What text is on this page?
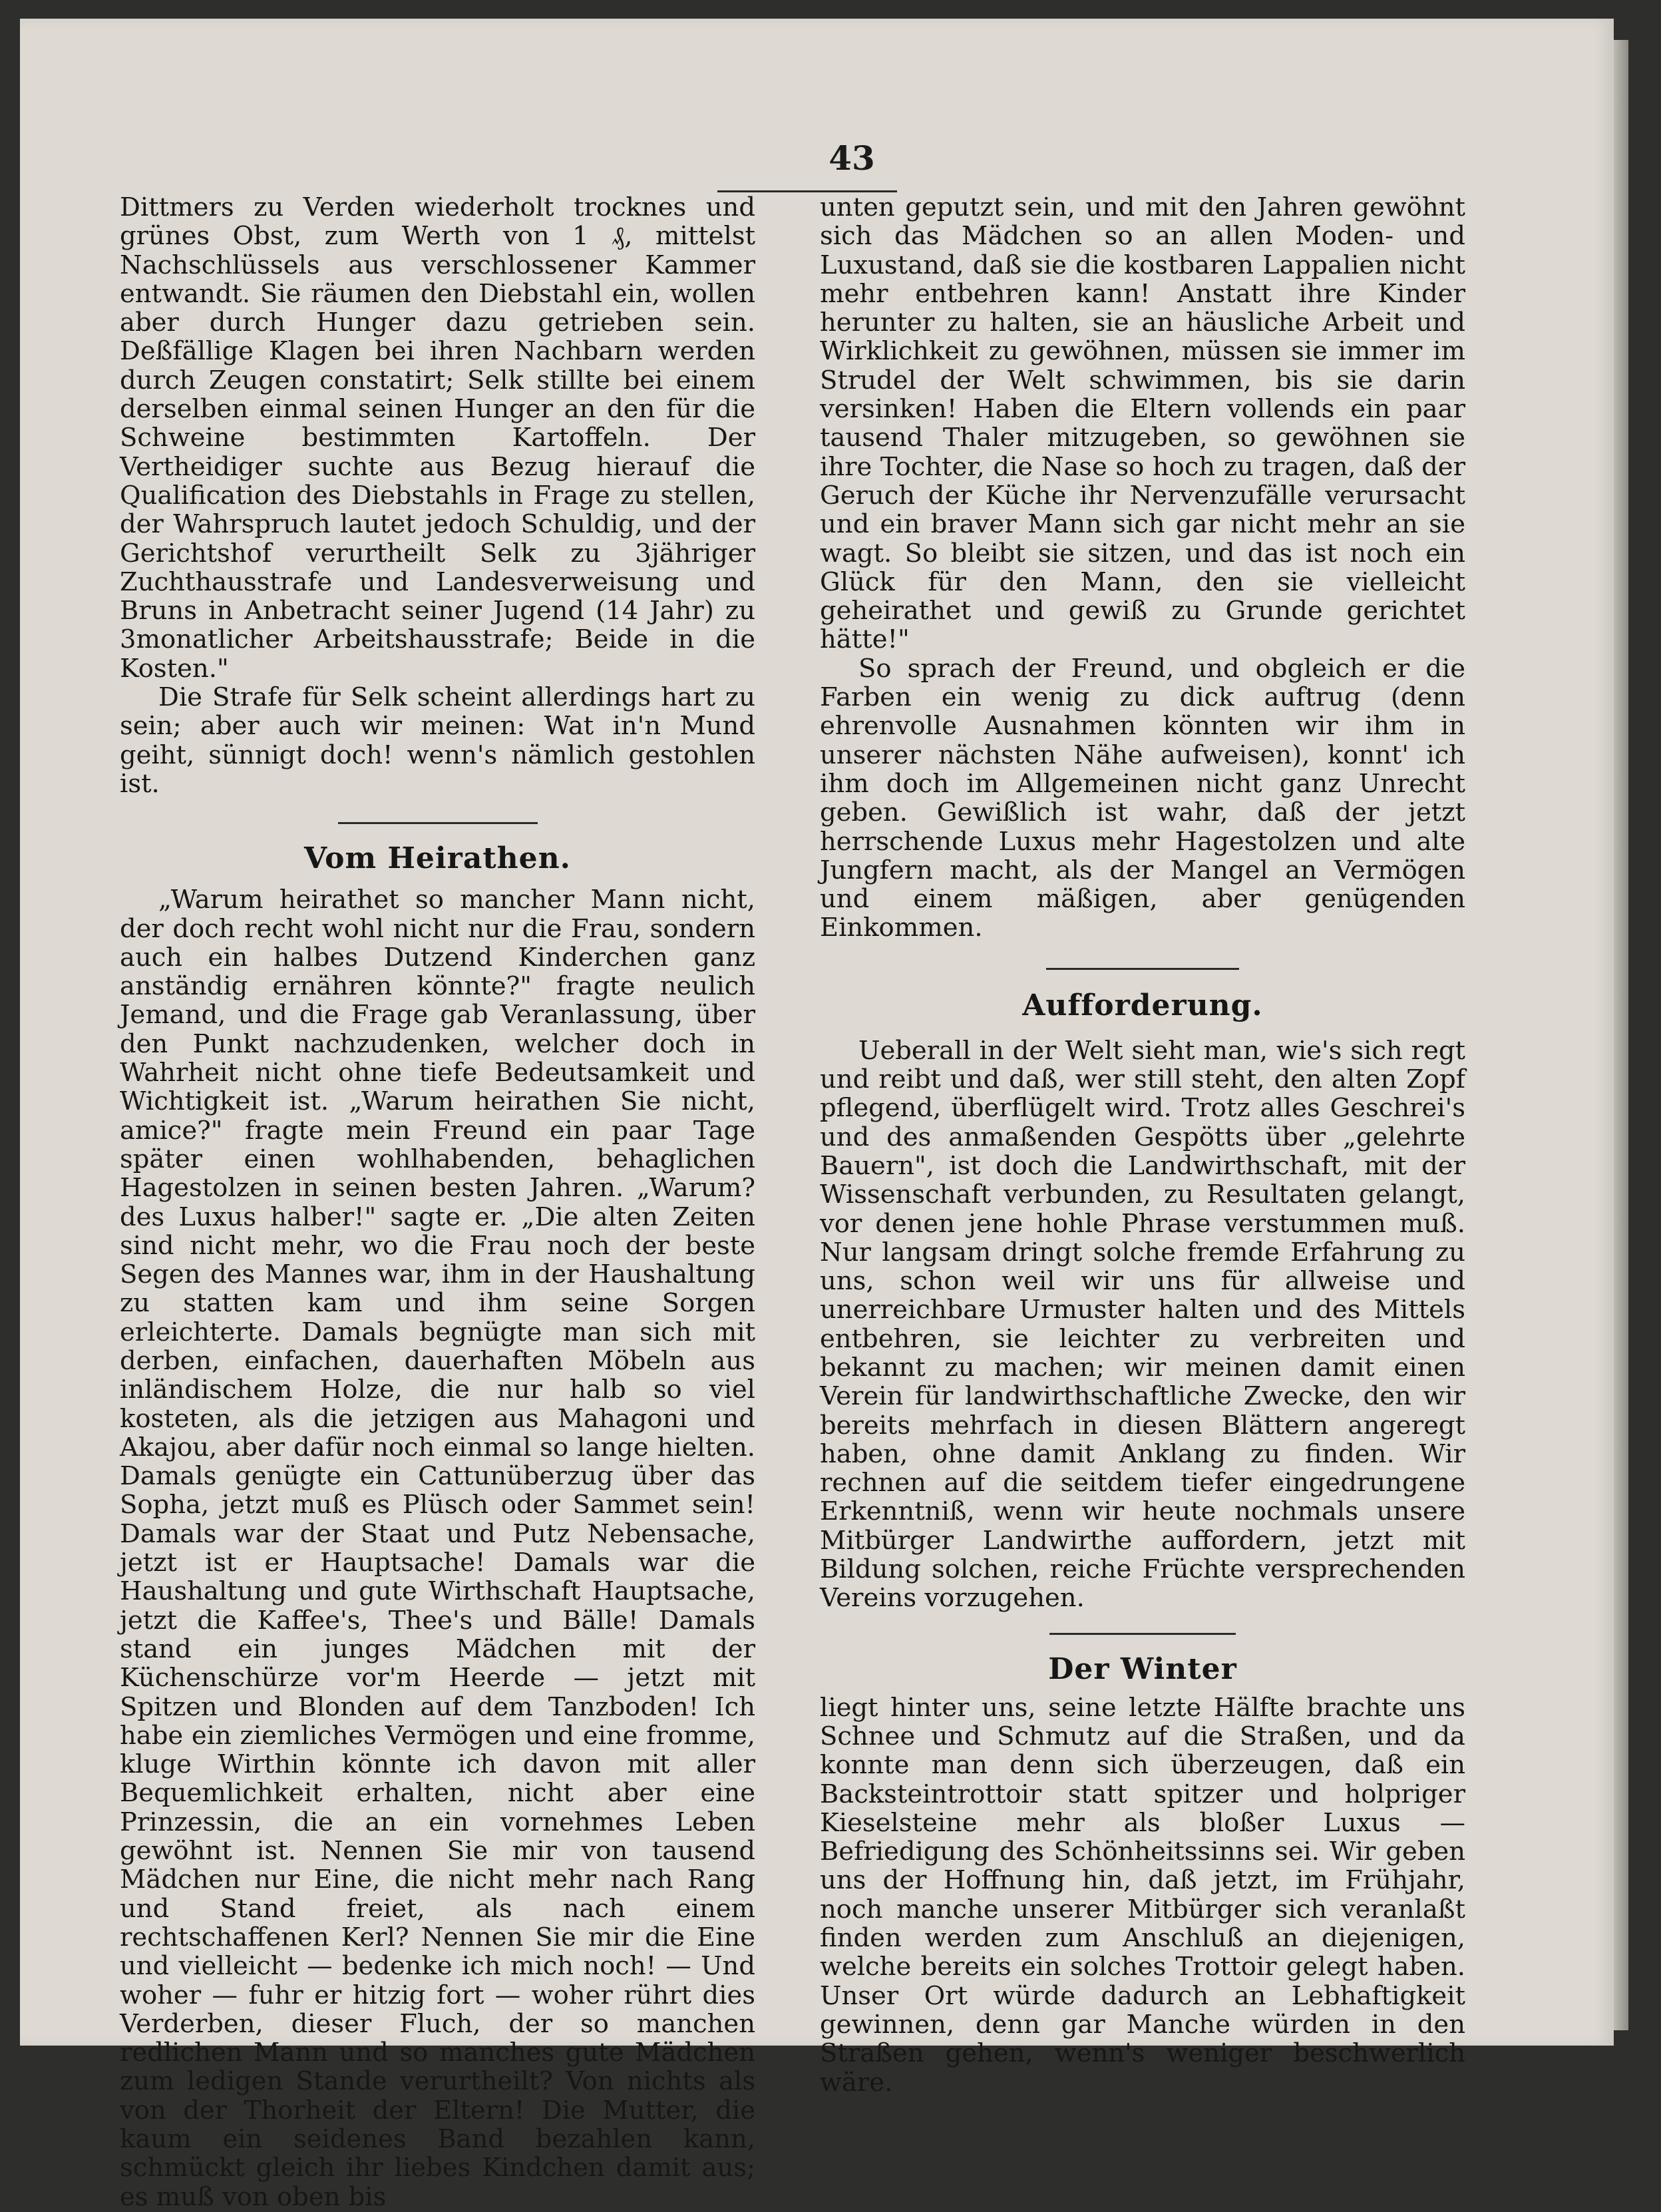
43

Dittmers zu Verden wiederholt trocknes und grünes Obst, zum Werth von 1 ₰, mittelst Nachschlüssels aus verschlossener Kammer entwandt. Sie räumen den Diebstahl ein, wollen aber durch Hunger dazu getrieben sein. Deßfällige Klagen bei ihren Nachbarn werden durch Zeugen constatirt; Selk stillte bei einem derselben einmal seinen Hunger an den für die Schweine bestimmten Kartoffeln. Der Vertheidiger suchte aus Bezug hierauf die Qualification des Diebstahls in Frage zu stellen, der Wahrspruch lautet jedoch Schuldig, und der Gerichtshof verurtheilt Selk zu 3jähriger Zuchthausstrafe und Landesverweisung und Bruns in Anbetracht seiner Jugend (14 Jahr) zu 3monatlicher Arbeitshausstrafe; Beide in die Kosten."

Die Strafe für Selk scheint allerdings hart zu sein; aber auch wir meinen: Wat in'n Mund geiht, sünnigt doch! wenn's nämlich gestohlen ist.

Vom Heirathen.

„Warum heirathet so mancher Mann nicht, der doch recht wohl nicht nur die Frau, sondern auch ein halbes Dutzend Kinderchen ganz anständig ernähren könnte?" fragte neulich Jemand, und die Frage gab Veranlassung, über den Punkt nachzudenken, welcher doch in Wahrheit nicht ohne tiefe Bedeutsamkeit und Wichtigkeit ist. „Warum heirathen Sie nicht, amice?" fragte mein Freund ein paar Tage später einen wohlhabenden, behaglichen Hagestolzen in seinen besten Jahren. „Warum? des Luxus halber!" sagte er. „Die alten Zeiten sind nicht mehr, wo die Frau noch der beste Segen des Mannes war, ihm in der Haushaltung zu statten kam und ihm seine Sorgen erleichterte. Damals begnügte man sich mit derben, einfachen, dauerhaften Möbeln aus inländischem Holze, die nur halb so viel kosteten, als die jetzigen aus Mahagoni und Akajou, aber dafür noch einmal so lange hielten. Damals genügte ein Cattunüberzug über das Sopha, jetzt muß es Plüsch oder Sammet sein! Damals war der Staat und Putz Nebensache, jetzt ist er Hauptsache! Damals war die Haushaltung und gute Wirthschaft Hauptsache, jetzt die Kaffee's, Thee's und Bälle! Damals stand ein junges Mädchen mit der Küchenschürze vor'm Heerde — jetzt mit Spitzen und Blonden auf dem Tanzboden! Ich habe ein ziemliches Vermögen und eine fromme, kluge Wirthin könnte ich davon mit aller Bequemlichkeit erhalten, nicht aber eine Prinzessin, die an ein vornehmes Leben gewöhnt ist. Nennen Sie mir von tausend Mädchen nur Eine, die nicht mehr nach Rang und Stand freiet, als nach einem rechtschaffenen Kerl? Nennen Sie mir die Eine und vielleicht — bedenke ich mich noch! — Und woher — fuhr er hitzig fort — woher rührt dies Verderben, dieser Fluch, der so manchen redlichen Mann und so manches gute Mädchen zum ledigen Stande verurtheilt? Von nichts als von der Thorheit der Eltern! Die Mutter, die kaum ein seidenes Band bezahlen kann, schmückt gleich ihr liebes Kindchen damit aus; es muß von oben bis

unten geputzt sein, und mit den Jahren gewöhnt sich das Mädchen so an allen Moden- und Luxustand, daß sie die kostbaren Lappalien nicht mehr entbehren kann! Anstatt ihre Kinder herunter zu halten, sie an häusliche Arbeit und Wirklichkeit zu gewöhnen, müssen sie immer im Strudel der Welt schwimmen, bis sie darin versinken! Haben die Eltern vollends ein paar tausend Thaler mitzugeben, so gewöhnen sie ihre Tochter, die Nase so hoch zu tragen, daß der Geruch der Küche ihr Nervenzufälle verursacht und ein braver Mann sich gar nicht mehr an sie wagt. So bleibt sie sitzen, und das ist noch ein Glück für den Mann, den sie vielleicht geheirathet und gewiß zu Grunde gerichtet hätte!"

So sprach der Freund, und obgleich er die Farben ein wenig zu dick auftrug (denn ehrenvolle Ausnahmen könnten wir ihm in unserer nächsten Nähe aufweisen), konnt' ich ihm doch im Allgemeinen nicht ganz Unrecht geben. Gewißlich ist wahr, daß der jetzt herrschende Luxus mehr Hagestolzen und alte Jungfern macht, als der Mangel an Vermögen und einem mäßigen, aber genügenden Einkommen.

Aufforderung.

Ueberall in der Welt sieht man, wie's sich regt und reibt und daß, wer still steht, den alten Zopf pflegend, überflügelt wird. Trotz alles Geschrei's und des anmaßenden Gespötts über „gelehrte Bauern", ist doch die Landwirthschaft, mit der Wissenschaft verbunden, zu Resultaten gelangt, vor denen jene hohle Phrase verstummen muß. Nur langsam dringt solche fremde Erfahrung zu uns, schon weil wir uns für allweise und unerreichbare Urmuster halten und des Mittels entbehren, sie leichter zu verbreiten und bekannt zu machen; wir meinen damit einen Verein für landwirthschaftliche Zwecke, den wir bereits mehrfach in diesen Blättern angeregt haben, ohne damit Anklang zu finden. Wir rechnen auf die seitdem tiefer eingedrungene Erkenntniß, wenn wir heute nochmals unsere Mitbürger Landwirthe auffordern, jetzt mit Bildung solchen, reiche Früchte versprechenden Vereins vorzugehen.

Der Winter

liegt hinter uns, seine letzte Hälfte brachte uns Schnee und Schmutz auf die Straßen, und da konnte man denn sich überzeugen, daß ein Backsteintrottoir statt spitzer und holpriger Kieselsteine mehr als bloßer Luxus — Befriedigung des Schönheitssinns sei. Wir geben uns der Hoffnung hin, daß jetzt, im Frühjahr, noch manche unserer Mitbürger sich veranlaßt finden werden zum Anschluß an diejenigen, welche bereits ein solches Trottoir gelegt haben. Unser Ort würde dadurch an Lebhaftigkeit gewinnen, denn gar Manche würden in den Straßen gehen, wenn's weniger beschwerlich wäre.
